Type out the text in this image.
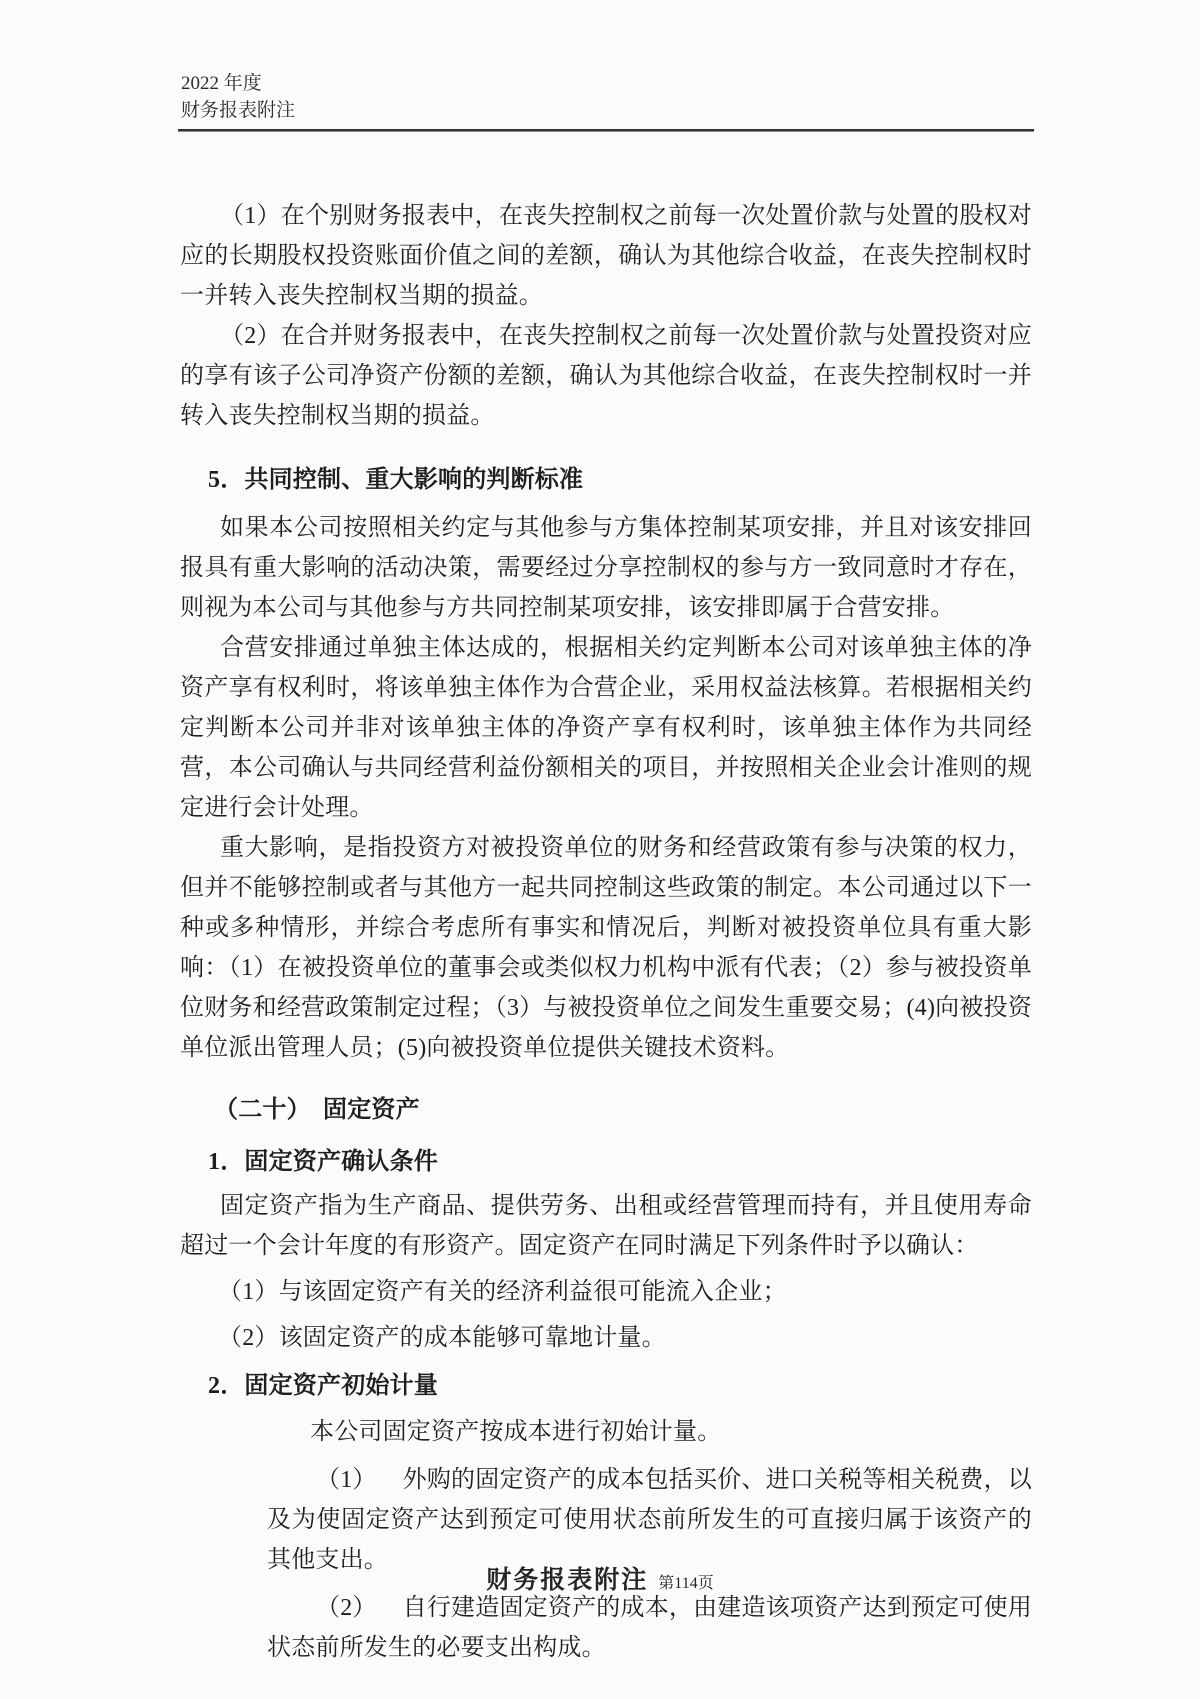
2022 年度
财务报表附注

（1）在个别财务报表中，在丧失控制权之前每一次处置价款与处置的股权对应的长期股权投资账面价值之间的差额，确认为其他综合收益，在丧失控制权时一并转入丧失控制权当期的损益。

（2）在合并财务报表中，在丧失控制权之前每一次处置价款与处置投资对应的享有该子公司净资产份额的差额，确认为其他综合收益，在丧失控制权时一并转入丧失控制权当期的损益。

5．共同控制、重大影响的判断标准

如果本公司按照相关约定与其他参与方集体控制某项安排，并且对该安排回报具有重大影响的活动决策，需要经过分享控制权的参与方一致同意时才存在，则视为本公司与其他参与方共同控制某项安排，该安排即属于合营安排。

合营安排通过单独主体达成的，根据相关约定判断本公司对该单独主体的净资产享有权利时，将该单独主体作为合营企业，采用权益法核算。若根据相关约定判断本公司并非对该单独主体的净资产享有权利时，该单独主体作为共同经营，本公司确认与共同经营利益份额相关的项目，并按照相关企业会计准则的规定进行会计处理。

重大影响，是指投资方对被投资单位的财务和经营政策有参与决策的权力，但并不能够控制或者与其他方一起共同控制这些政策的制定。本公司通过以下一种或多种情形，并综合考虑所有事实和情况后，判断对被投资单位具有重大影响：（1）在被投资单位的董事会或类似权力机构中派有代表；（2）参与被投资单位财务和经营政策制定过程；（3）与被投资单位之间发生重要交易；(4)向被投资单位派出管理人员；(5)向被投资单位提供关键技术资料。

（二十）　固定资产

1．固定资产确认条件

固定资产指为生产商品、提供劳务、出租或经营管理而持有，并且使用寿命超过一个会计年度的有形资产。固定资产在同时满足下列条件时予以确认：

（1）与该固定资产有关的经济利益很可能流入企业；

（2）该固定资产的成本能够可靠地计量。

2．固定资产初始计量

本公司固定资产按成本进行初始计量。

（1） 外购的固定资产的成本包括买价、进口关税等相关税费，以及为使固定资产达到预定可使用状态前所发生的可直接归属于该资产的其他支出。

（2） 自行建造固定资产的成本，由建造该项资产达到预定可使用状态前所发生的必要支出构成。

财务报表附注 第114页
